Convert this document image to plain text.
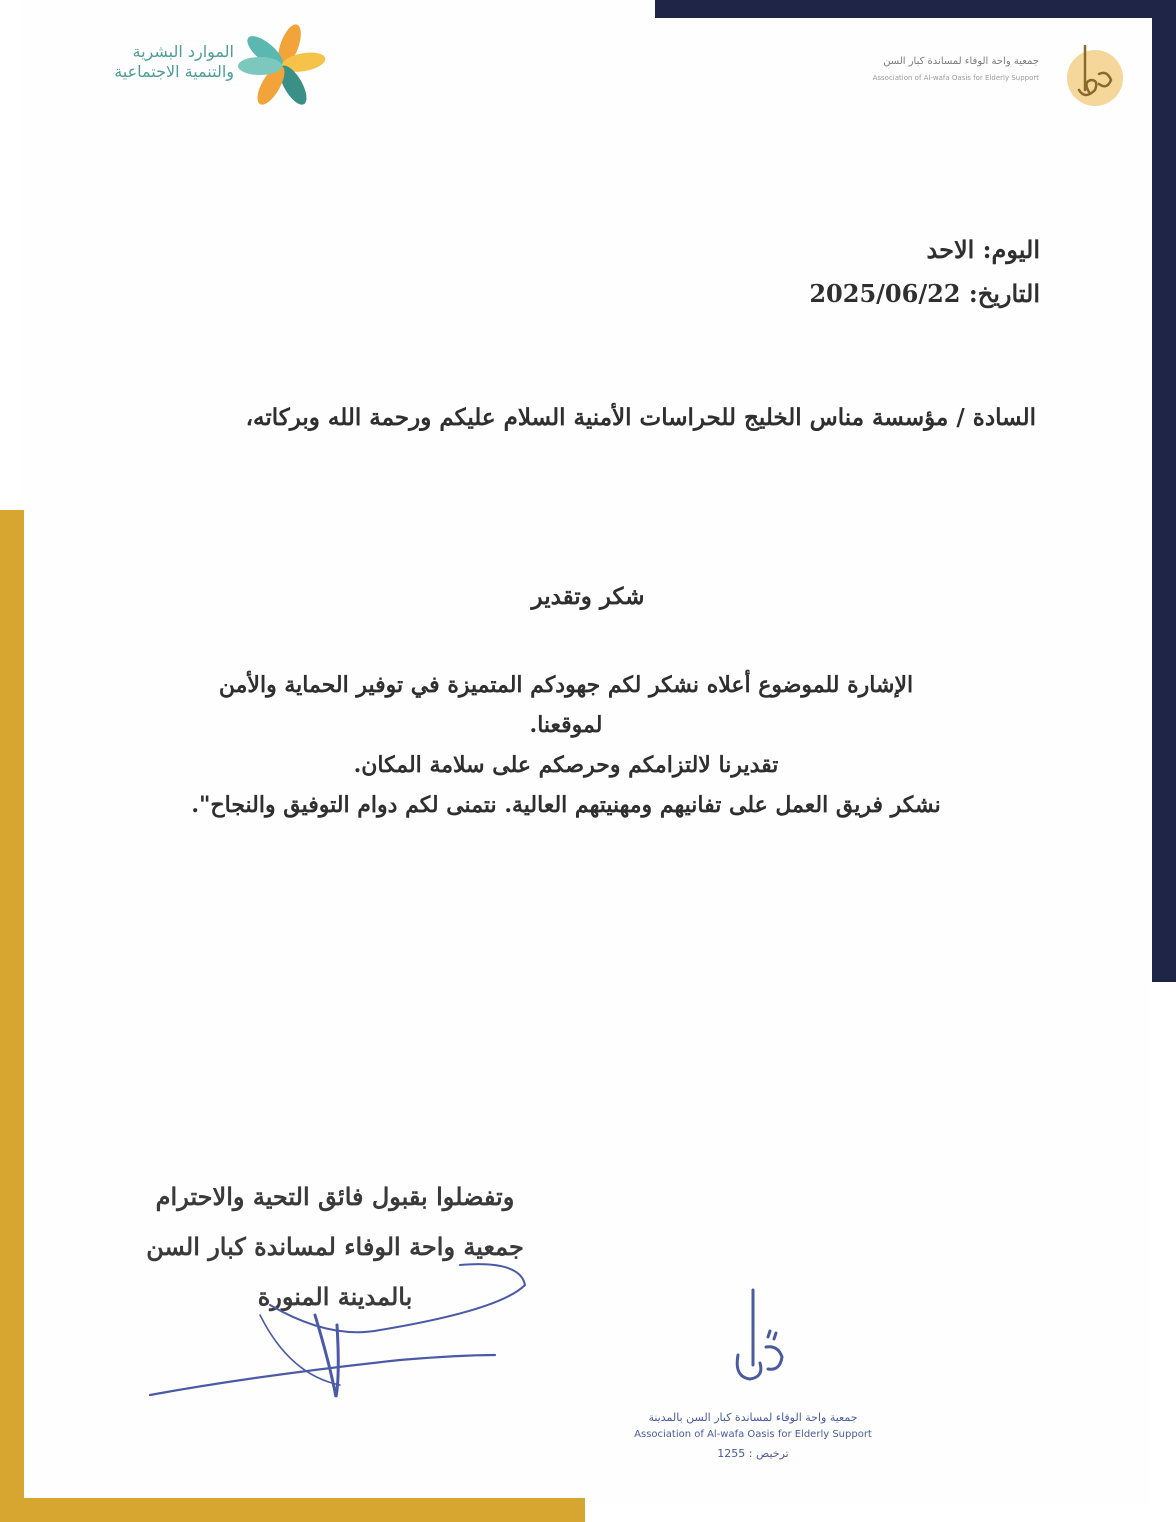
الموارد البشرية
والتنمية الاجتماعية
جمعية واحة الوفاء لمساندة كبار السن
Association of Al-wafa Oasis for Elderly Support
اليوم: الاحد
التاريخ: 2025/06/22
السادة / مؤسسة مناس الخليج للحراسات الأمنية السلام عليكم ورحمة الله وبركاته،
شكر وتقدير
الإشارة للموضوع أعلاه نشكر لكم جهودكم المتميزة في توفير الحماية والأمن
لموقعنا.
تقديرنا لالتزامكم وحرصكم على سلامة المكان.
نشكر فريق العمل على تفانيهم ومهنيتهم العالية. نتمنى لكم دوام التوفيق والنجاح".
وتفضلوا بقبول فائق التحية والاحترام
جمعية واحة الوفاء لمساندة كبار السن
بالمدينة المنورة
جمعية واحة الوفاء لمساندة كبار السن بالمدينة
Association of Al-wafa Oasis for Elderly Support
ترخيص : 1255
